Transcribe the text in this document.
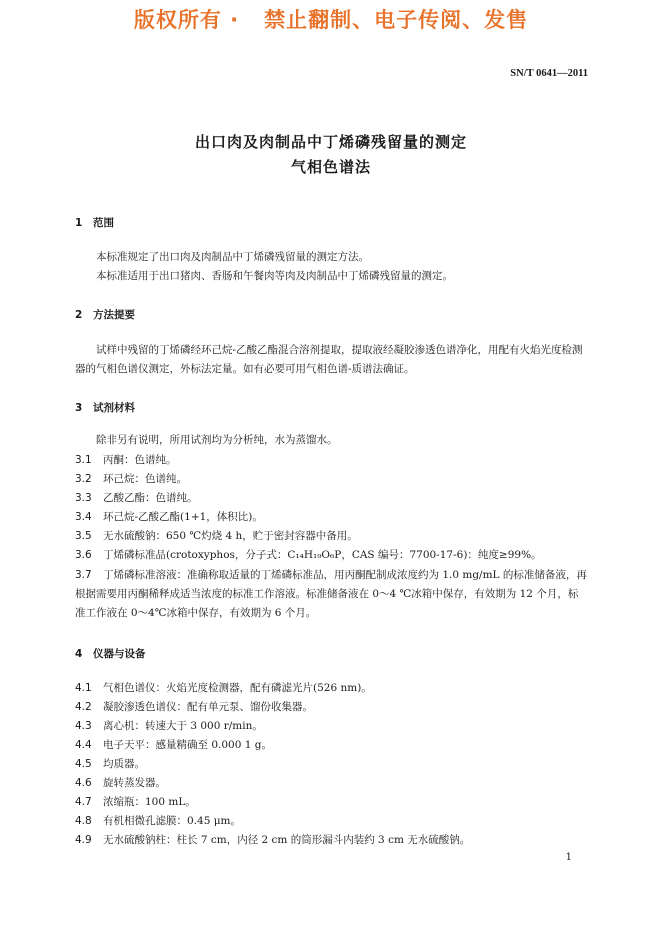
版权所有 ·   禁止翻制、电子传阅、发售
SN/T 0641—2011
出口肉及肉制品中丁烯磷残留量的测定
气相色谱法
1 范围
本标准规定了出口肉及肉制品中丁烯磷残留量的测定方法。
本标准适用于出口猪肉、香肠和午餐肉等肉及肉制品中丁烯磷残留量的测定。
2 方法提要
试样中残留的丁烯磷经环己烷-乙酸乙酯混合溶剂提取，提取液经凝胶渗透色谱净化，用配有火焰光度检测器的气相色谱仪测定，外标法定量。如有必要可用气相色谱-质谱法确证。
3 试剂材料
除非另有说明，所用试剂均为分析纯，水为蒸馏水。
3.1 丙酮：色谱纯。
3.2 环己烷：色谱纯。
3.3 乙酸乙酯：色谱纯。
3.4 环己烷-乙酸乙酯(1+1，体积比)。
3.5 无水硫酸钠：650 ℃灼烧 4 h，贮于密封容器中备用。
3.6 丁烯磷标准品(crotoxyphos，分子式：C₁₄H₁₉O₆P，CAS 编号：7700-17-6)：纯度≥99%。
3.7 丁烯磷标准溶液：准确称取适量的丁烯磷标准品，用丙酮配制成浓度约为 1.0 mg/mL 的标准储备液，再根据需要用丙酮稀释成适当浓度的标准工作溶液。标准储备液在 0～4 ℃冰箱中保存，有效期为 12 个月，标准工作液在 0～4℃冰箱中保存，有效期为 6 个月。
4 仪器与设备
4.1 气相色谱仪：火焰光度检测器，配有磷滤光片(526 nm)。
4.2 凝胶渗透色谱仪：配有单元泵、馏份收集器。
4.3 离心机：转速大于 3 000 r/min。
4.4 电子天平：感量精确至 0.000 1 g。
4.5 均质器。
4.6 旋转蒸发器。
4.7 浓缩瓶：100 mL。
4.8 有机相微孔滤膜：0.45 μm。
4.9 无水硫酸钠柱：柱长 7 cm，内径 2 cm 的筒形漏斗内装约 3 cm 无水硫酸钠。
1
